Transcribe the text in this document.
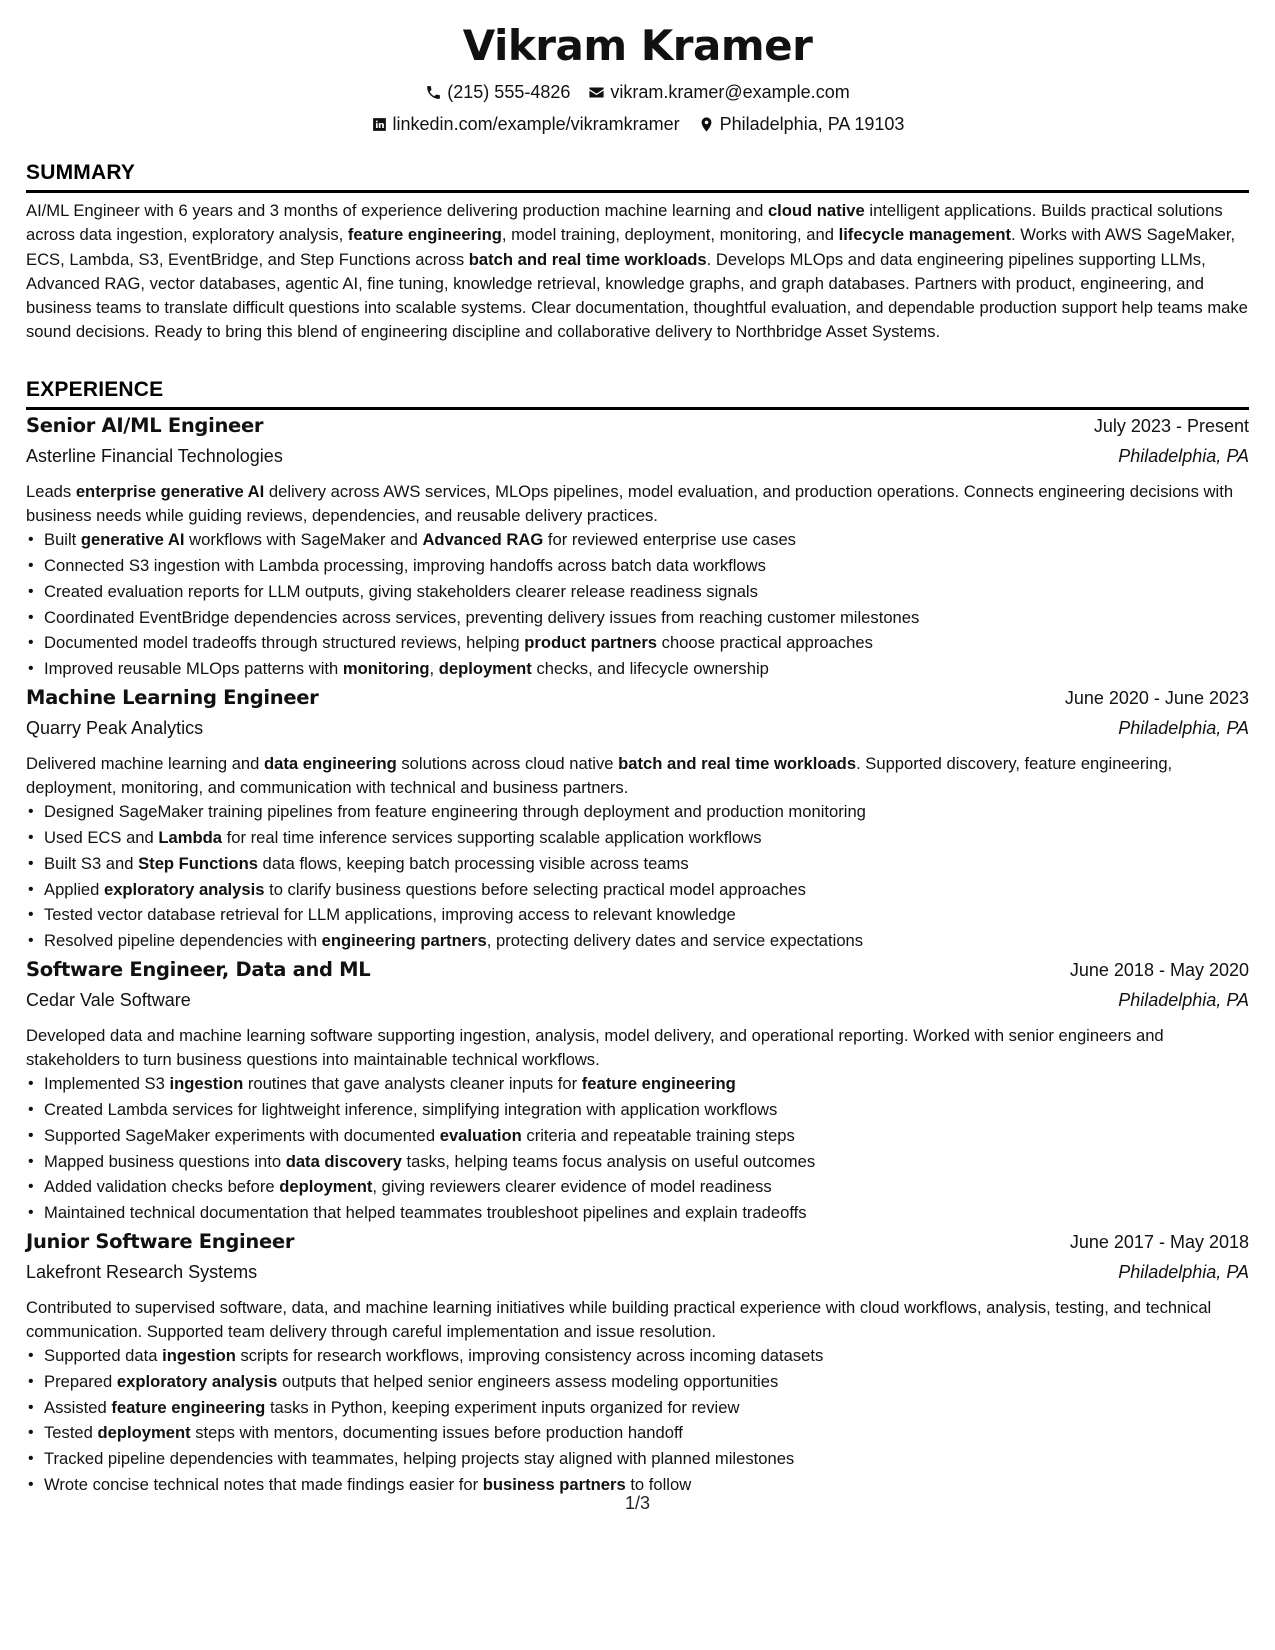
Vikram Kramer
(215) 555-4826 vikram.kramer@example.com
linkedin.com/example/vikramkramer Philadelphia, PA 19103
SUMMARY
AI/ML Engineer with 6 years and 3 months of experience delivering production machine learning and cloud native intelligent applications. Builds practical solutions across data ingestion, exploratory analysis, feature engineering, model training, deployment, monitoring, and lifecycle management. Works with AWS SageMaker, ECS, Lambda, S3, EventBridge, and Step Functions across batch and real time workloads. Develops MLOps and data engineering pipelines supporting LLMs, Advanced RAG, vector databases, agentic AI, fine tuning, knowledge retrieval, knowledge graphs, and graph databases. Partners with product, engineering, and business teams to translate difficult questions into scalable systems. Clear documentation, thoughtful evaluation, and dependable production support help teams make sound decisions. Ready to bring this blend of engineering discipline and collaborative delivery to Northbridge Asset Systems.
EXPERIENCE
Senior AI/ML Engineer	July 2023 - Present
Asterline Financial Technologies	Philadelphia, PA
Leads enterprise generative AI delivery across AWS services, MLOps pipelines, model evaluation, and production operations. Connects engineering decisions with business needs while guiding reviews, dependencies, and reusable delivery practices.
• Built generative AI workflows with SageMaker and Advanced RAG for reviewed enterprise use cases
• Connected S3 ingestion with Lambda processing, improving handoffs across batch data workflows
• Created evaluation reports for LLM outputs, giving stakeholders clearer release readiness signals
• Coordinated EventBridge dependencies across services, preventing delivery issues from reaching customer milestones
• Documented model tradeoffs through structured reviews, helping product partners choose practical approaches
• Improved reusable MLOps patterns with monitoring, deployment checks, and lifecycle ownership
Machine Learning Engineer	June 2020 - June 2023
Quarry Peak Analytics	Philadelphia, PA
Delivered machine learning and data engineering solutions across cloud native batch and real time workloads. Supported discovery, feature engineering, deployment, monitoring, and communication with technical and business partners.
• Designed SageMaker training pipelines from feature engineering through deployment and production monitoring
• Used ECS and Lambda for real time inference services supporting scalable application workflows
• Built S3 and Step Functions data flows, keeping batch processing visible across teams
• Applied exploratory analysis to clarify business questions before selecting practical model approaches
• Tested vector database retrieval for LLM applications, improving access to relevant knowledge
• Resolved pipeline dependencies with engineering partners, protecting delivery dates and service expectations
Software Engineer, Data and ML	June 2018 - May 2020
Cedar Vale Software	Philadelphia, PA
Developed data and machine learning software supporting ingestion, analysis, model delivery, and operational reporting. Worked with senior engineers and stakeholders to turn business questions into maintainable technical workflows.
• Implemented S3 ingestion routines that gave analysts cleaner inputs for feature engineering
• Created Lambda services for lightweight inference, simplifying integration with application workflows
• Supported SageMaker experiments with documented evaluation criteria and repeatable training steps
• Mapped business questions into data discovery tasks, helping teams focus analysis on useful outcomes
• Added validation checks before deployment, giving reviewers clearer evidence of model readiness
• Maintained technical documentation that helped teammates troubleshoot pipelines and explain tradeoffs
Junior Software Engineer	June 2017 - May 2018
Lakefront Research Systems	Philadelphia, PA
Contributed to supervised software, data, and machine learning initiatives while building practical experience with cloud workflows, analysis, testing, and technical communication. Supported team delivery through careful implementation and issue resolution.
• Supported data ingestion scripts for research workflows, improving consistency across incoming datasets
• Prepared exploratory analysis outputs that helped senior engineers assess modeling opportunities
• Assisted feature engineering tasks in Python, keeping experiment inputs organized for review
• Tested deployment steps with mentors, documenting issues before production handoff
• Tracked pipeline dependencies with teammates, helping projects stay aligned with planned milestones
• Wrote concise technical notes that made findings easier for business partners to follow
1/3
